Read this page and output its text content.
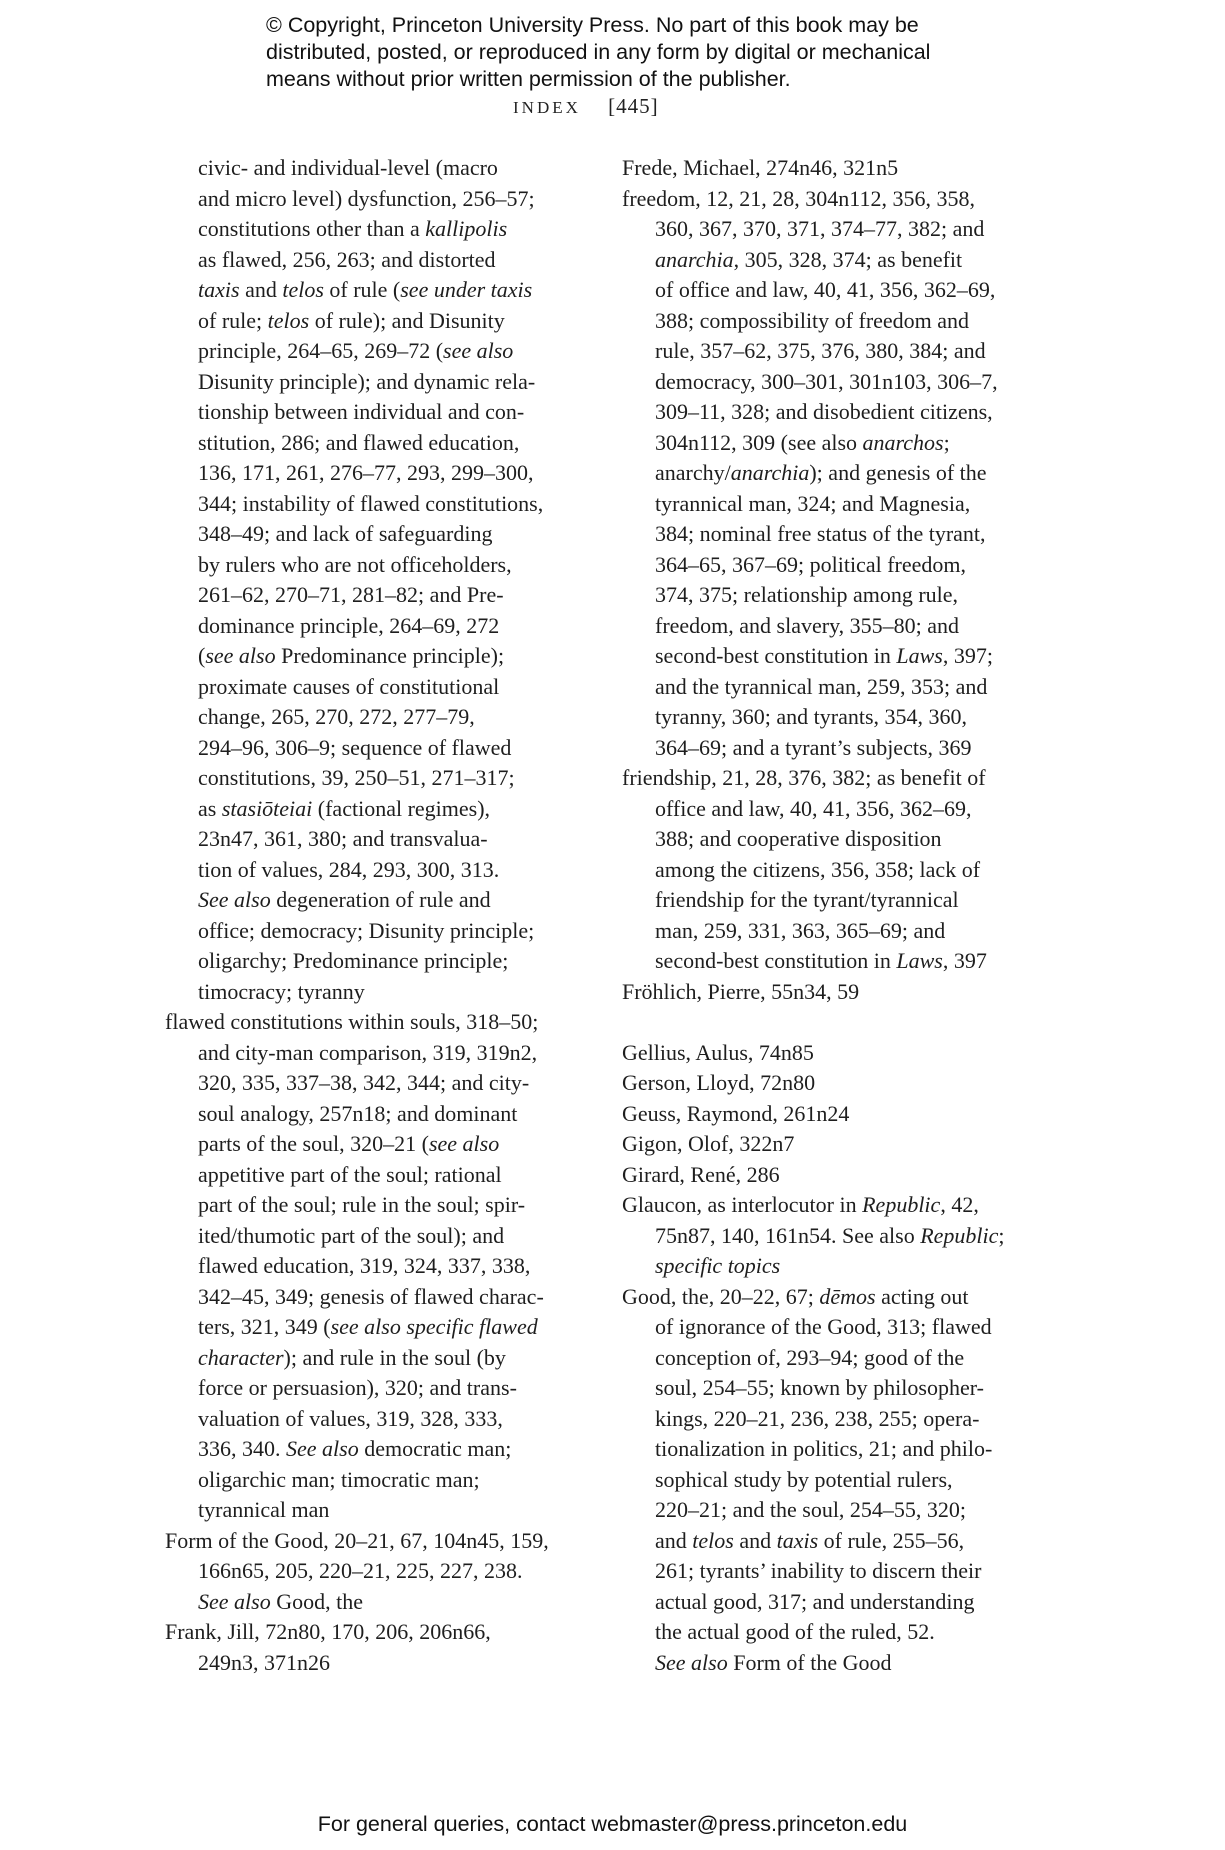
© Copyright, Princeton University Press. No part of this book may be
distributed, posted, or reproduced in any form by digital or mechanical
means without prior written permission of the publisher.
INDEX [445]
civic- and individual-level (macro
and micro level) dysfunction, 256–57;
constitutions other than a kallipolis
as flawed, 256, 263; and distorted
taxis and telos of rule (see under taxis
of rule; telos of rule); and Disunity
principle, 264–65, 269–72 (see also
Disunity principle); and dynamic rela-
tionship between individual and con-
stitution, 286; and flawed education,
136, 171, 261, 276–77, 293, 299–300,
344; instability of flawed constitutions,
348–49; and lack of safeguarding
by rulers who are not officeholders,
261–62, 270–71, 281–82; and Pre-
dominance principle, 264–69, 272
(see also Predominance principle);
proximate causes of constitutional
change, 265, 270, 272, 277–79,
294–96, 306–9; sequence of flawed
constitutions, 39, 250–51, 271–317;
as stasiōteiai (factional regimes),
23n47, 361, 380; and transvalua-
tion of values, 284, 293, 300, 313.
See also degeneration of rule and
office; democracy; Disunity principle;
oligarchy; Predominance principle;
timocracy; tyranny
flawed constitutions within souls, 318–50;
and city-man comparison, 319, 319n2,
320, 335, 337–38, 342, 344; and city-
soul analogy, 257n18; and dominant
parts of the soul, 320–21 (see also
appetitive part of the soul; rational
part of the soul; rule in the soul; spir-
ited/thumotic part of the soul); and
flawed education, 319, 324, 337, 338,
342–45, 349; genesis of flawed charac-
ters, 321, 349 (see also specific flawed
character); and rule in the soul (by
force or persuasion), 320; and trans-
valuation of values, 319, 328, 333,
336, 340. See also democratic man;
oligarchic man; timocratic man;
tyrannical man
Form of the Good, 20–21, 67, 104n45, 159,
166n65, 205, 220–21, 225, 227, 238.
See also Good, the
Frank, Jill, 72n80, 170, 206, 206n66,
249n3, 371n26
Frede, Michael, 274n46, 321n5
freedom, 12, 21, 28, 304n112, 356, 358,
360, 367, 370, 371, 374–77, 382; and
anarchia, 305, 328, 374; as benefit
of office and law, 40, 41, 356, 362–69,
388; compossibility of freedom and
rule, 357–62, 375, 376, 380, 384; and
democracy, 300–301, 301n103, 306–7,
309–11, 328; and disobedient citizens,
304n112, 309 (see also anarchos;
anarchy/anarchia); and genesis of the
tyrannical man, 324; and Magnesia,
384; nominal free status of the tyrant,
364–65, 367–69; political freedom,
374, 375; relationship among rule,
freedom, and slavery, 355–80; and
second-best constitution in Laws, 397;
and the tyrannical man, 259, 353; and
tyranny, 360; and tyrants, 354, 360,
364–69; and a tyrant’s subjects, 369
friendship, 21, 28, 376, 382; as benefit of
office and law, 40, 41, 356, 362–69,
388; and cooperative disposition
among the citizens, 356, 358; lack of
friendship for the tyrant/tyrannical
man, 259, 331, 363, 365–69; and
second-best constitution in Laws, 397
Fröhlich, Pierre, 55n34, 59
Gellius, Aulus, 74n85
Gerson, Lloyd, 72n80
Geuss, Raymond, 261n24
Gigon, Olof, 322n7
Girard, René, 286
Glaucon, as interlocutor in Republic, 42,
75n87, 140, 161n54. See also Republic;
specific topics
Good, the, 20–22, 67; dēmos acting out
of ignorance of the Good, 313; flawed
conception of, 293–94; good of the
soul, 254–55; known by philosopher-
kings, 220–21, 236, 238, 255; opera-
tionalization in politics, 21; and philo-
sophical study by potential rulers,
220–21; and the soul, 254–55, 320;
and telos and taxis of rule, 255–56,
261; tyrants’ inability to discern their
actual good, 317; and understanding
the actual good of the ruled, 52.
See also Form of the Good
For general queries, contact webmaster@press.princeton.edu
